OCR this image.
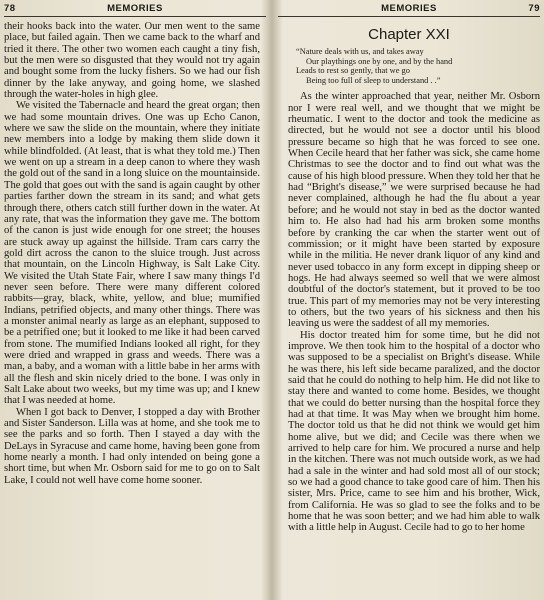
78	MEMORIES

their hooks back into the water. Our men went to the same place, but failed again. Then we came back to the wharf and tried it there. The other two women each caught a tiny fish, but the men were so disgusted that they would not try again and bought some from the lucky fishers. So we had our fish dinner by the lake anyway, and going home, we slashed through the water-holes in high glee.

We visited the Tabernacle and heard the great organ; then we had some mountain drives. One was up Echo Canon, where we saw the slide on the mountain, where they initiate new members into a lodge by making them slide down it while blindfolded. (At least, that is what they told me.) Then we went on up a stream in a deep canon to where they wash the gold out of the sand in a long sluice on the mountainside. The gold that goes out with the sand is again caught by other parties farther down the stream in its sand; and what gets through there, others catch still further down in the water. At any rate, that was the information they gave me. The bottom of the canon is just wide enough for one street; the houses are stuck away up against the hillside. Tram cars carry the gold dirt across the canon to the sluice trough. Just across that mountain, on the Lincoln Highway, is Salt Lake City. We visited the Utah State Fair, where I saw many things I'd never seen before. There were many different colored rabbits—gray, black, white, yellow, and blue; mumified Indians, petrified objects, and many other things. There was a monster animal nearly as large as an elephant, supposed to be a petrified one; but it looked to me like it had been carved from stone. The mumified Indians looked all right, for they were dried and wrapped in grass and weeds. There was a man, a baby, and a woman with a little babe in her arms with all the flesh and skin nicely dried to the bone. I was only in Salt Lake about two weeks, but my time was up; and I knew that I was needed at home.

When I got back to Denver, I stopped a day with Brother and Sister Sanderson. Lilla was at home, and she took me to see the parks and so forth. Then I stayed a day with the DeLays in Syracuse and came home, having been gone from home nearly a month. I had only intended on being gone a short time, but when Mr. Osborn said for me to go on to Salt Lake, I could not well have come home sooner.

MEMORIES	79
Chapter XXI
“Nature deals with us, and takes away
Our playthings one by one, and by the hand
Leads to rest so gently, that we go
Being too full of sleep to understand . .”

As the winter approached that year, neither Mr. Osborn nor I were real well, and we thought that we might be rheumatic. I went to the doctor and took the medicine as directed, but he would not see a doctor until his blood pressure became so high that he was forced to see one. When Cecile heard that her father was sick, she came home Christmas to see the doctor and to find out what was the cause of his high blood pressure. When they told her that he had “Bright's disease,” we were surprised because he had never complained, although he had the flu about a year before; and he would not stay in bed as the doctor wanted him to. He also had had his arm broken some months before by cranking the car when the starter went out of commission; or it might have been started by exposure while in the militia. He never drank liquor of any kind and never used tobacco in any form except in dipping sheep or hogs. He had always seemed so well that we were almost doubtful of the doctor's statement, but it proved to be too true. This part of my memories may not be very interesting to others, but the two years of his sickness and then his leaving us were the saddest of all my memories.

His doctor treated him for some time, but he did not improve. We then took him to the hospital of a doctor who was supposed to be a specialist on Bright's disease. While he was there, his left side became paralized, and the doctor said that he could do nothing to help him. He did not like to stay there and wanted to come home. Besides, we thought that we could do better nursing than the hospital force they had at that time. It was May when we brought him home. The doctor told us that he did not think we would get him home alive, but we did; and Cecile was there when we arrived to help care for him. We procured a nurse and help in the kitchen. There was not much outside work, as we had had a sale in the winter and had sold most all of our stock; so we had a good chance to take good care of him. Then his sister, Mrs. Price, came to see him and his brother, Wick, from California. He was so glad to see the folks and to be home that he was soon better; and we had him able to walk with a little help in August. Cecile had to go to her home
